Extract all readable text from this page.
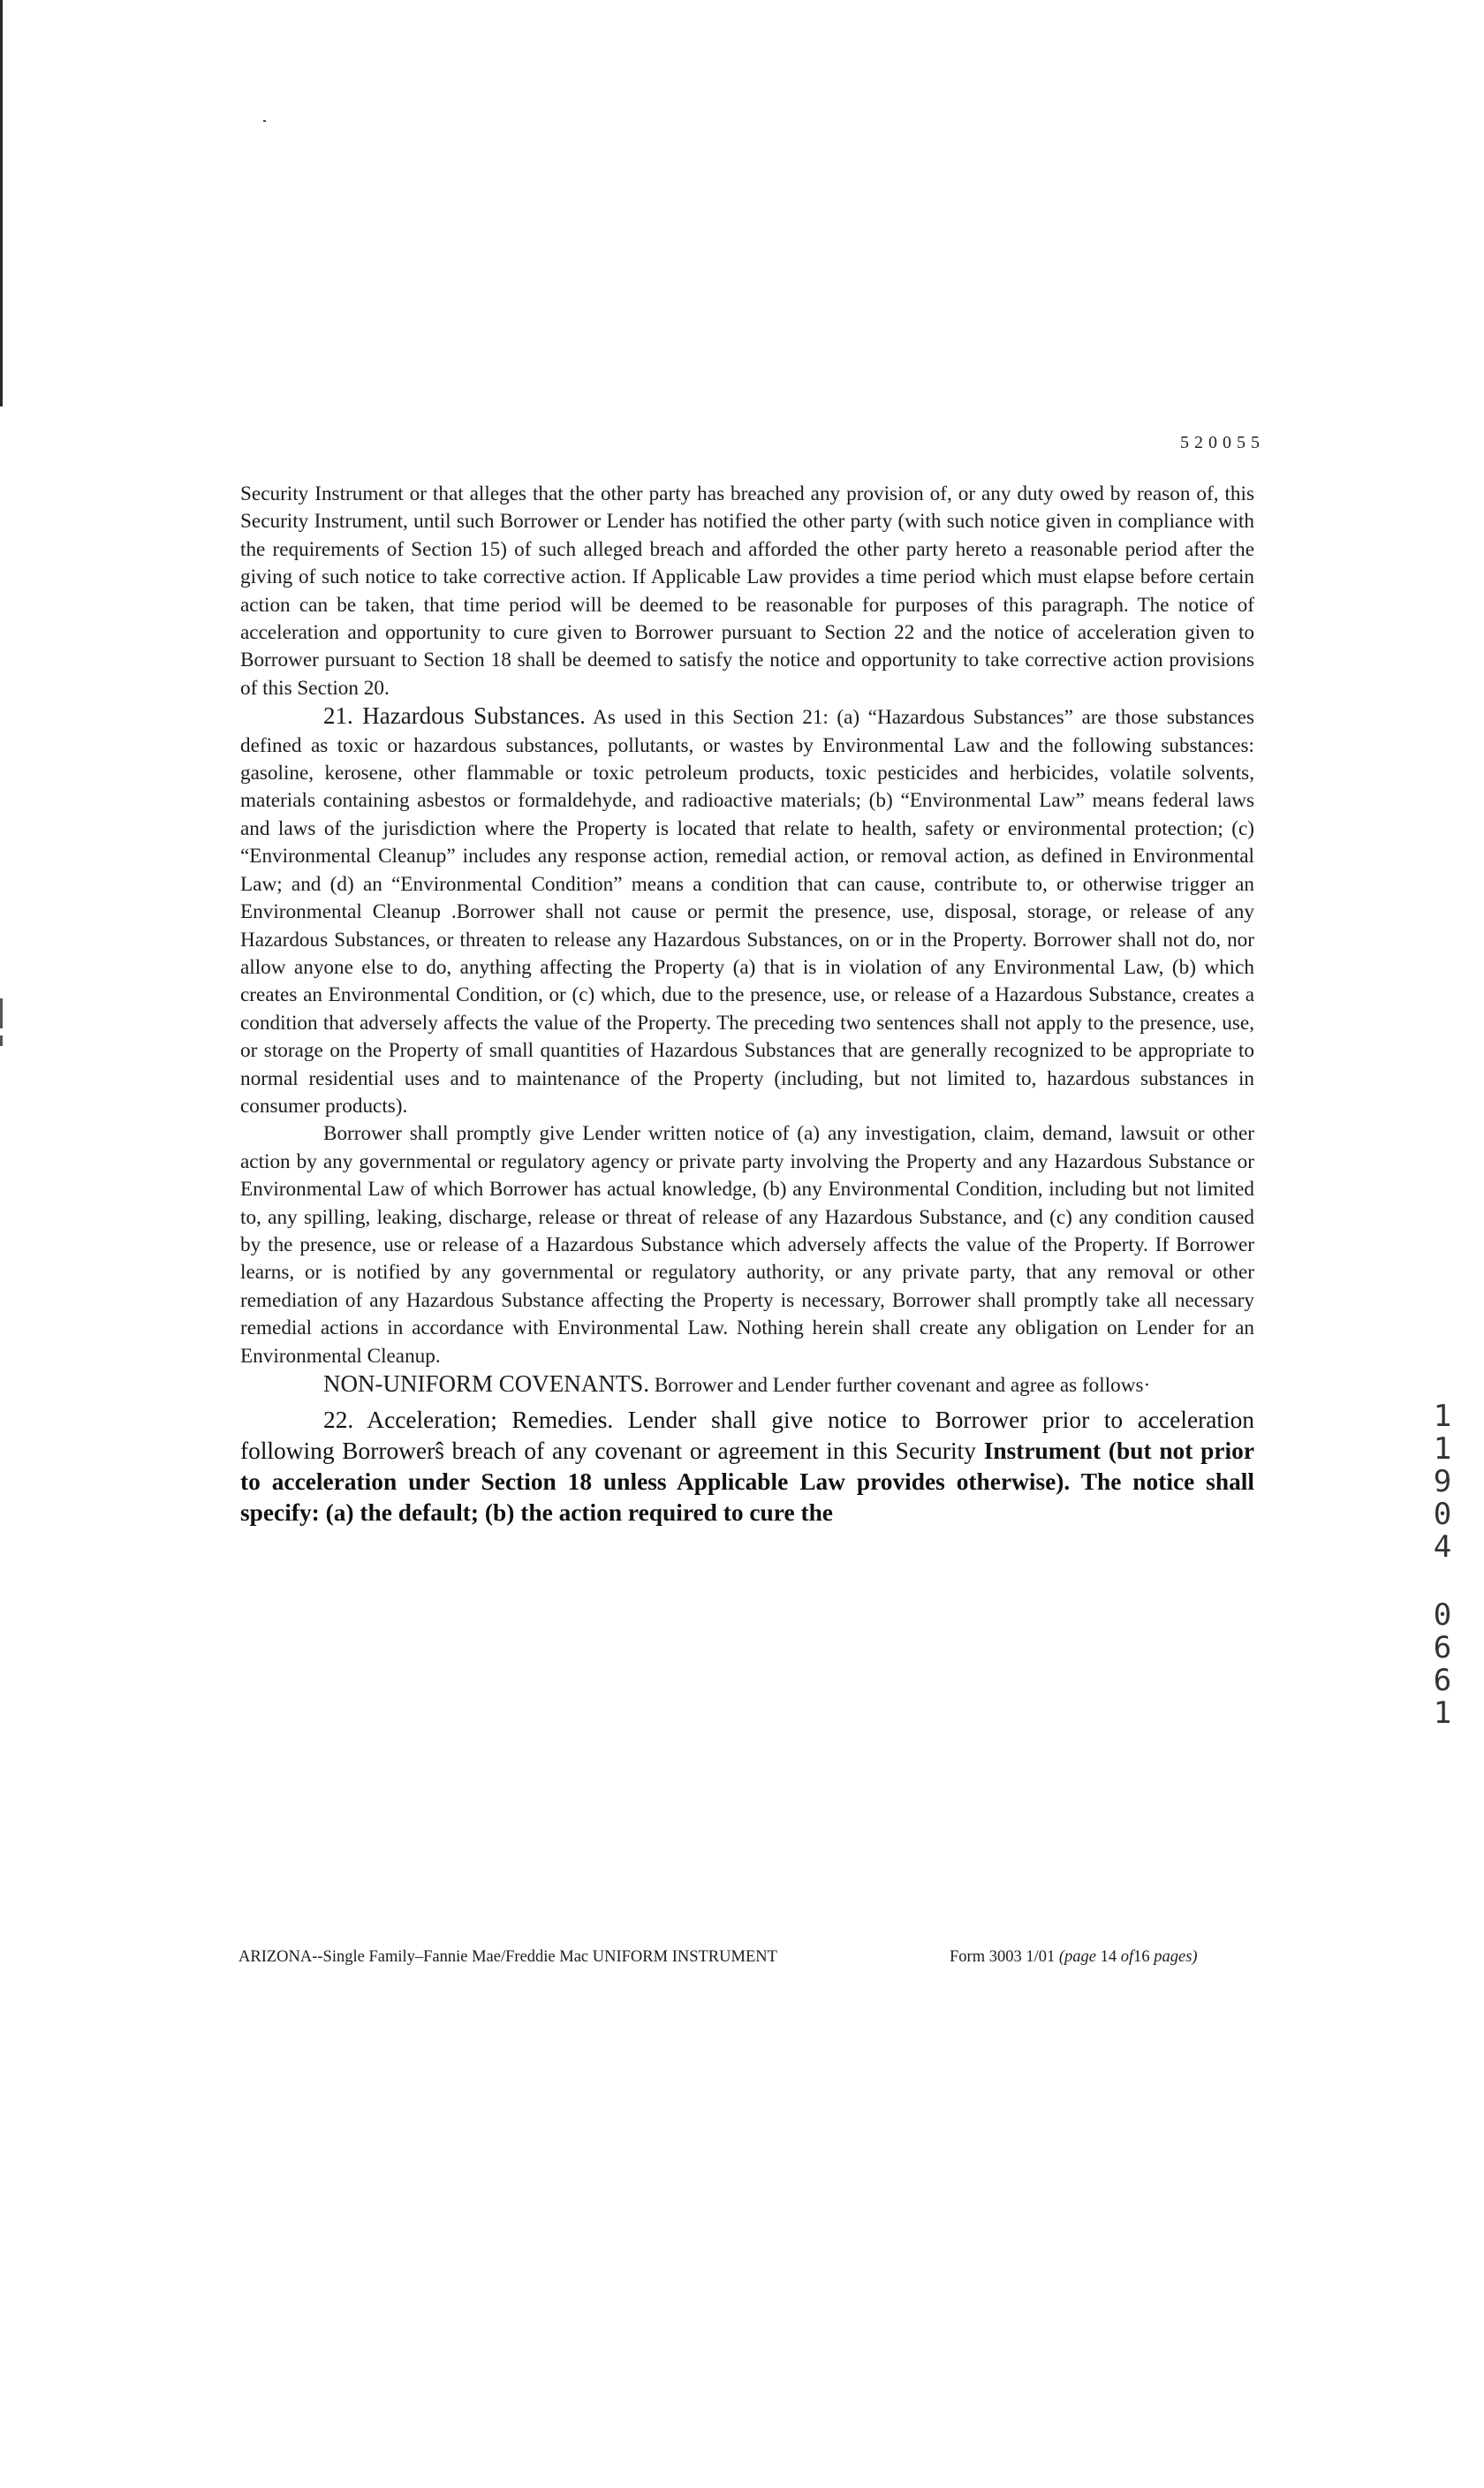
520055

Security Instrument or that alleges that the other party has breached any provision of, or any duty owed by reason of, this Security Instrument, until such Borrower or Lender has notified the other party (with such notice given in compliance with the requirements of Section 15) of such alleged breach and afforded the other party hereto a reasonable period after the giving of such notice to take corrective action. If Applicable Law provides a time period which must elapse before certain action can be taken, that time period will be deemed to be reasonable for purposes of this paragraph. The notice of acceleration and opportunity to cure given to Borrower pursuant to Section 22 and the notice of acceleration given to Borrower pursuant to Section 18 shall be deemed to satisfy the notice and opportunity to take corrective action provisions of this Section 20.

21. Hazardous Substances. As used in this Section 21: (a) “Hazardous Substances” are those substances defined as toxic or hazardous substances, pollutants, or wastes by Environmental Law and the following substances: gasoline, kerosene, other flammable or toxic petroleum products, toxic pesticides and herbicides, volatile solvents, materials containing asbestos or formaldehyde, and radioactive materials; (b) “Environmental Law” means federal laws and laws of the jurisdiction where the Property is located that relate to health, safety or environmental protection; (c) “Environmental Cleanup” includes any response action, remedial action, or removal action, as defined in Environmental Law; and (d) an “Environmental Condition” means a condition that can cause, contribute to, or otherwise trigger an Environmental Cleanup .Borrower shall not cause or permit the presence, use, disposal, storage, or release of any Hazardous Substances, or threaten to release any Hazardous Substances, on or in the Property. Borrower shall not do, nor allow anyone else to do, anything affecting the Property (a) that is in violation of any Environmental Law, (b) which creates an Environmental Condition, or (c) which, due to the presence, use, or release of a Hazardous Substance, creates a condition that adversely affects the value of the Property. The preceding two sentences shall not apply to the presence, use, or storage on the Property of small quantities of Hazardous Substances that are generally recognized to be appropriate to normal residential uses and to maintenance of the Property (including, but not limited to, hazardous substances in consumer products).

Borrower shall promptly give Lender written notice of (a) any investigation, claim, demand, lawsuit or other action by any governmental or regulatory agency or private party involving the Property and any Hazardous Substance or Environmental Law of which Borrower has actual knowledge, (b) any Environmental Condition, including but not limited to, any spilling, leaking, discharge, release or threat of release of any Hazardous Substance, and (c) any condition caused by the presence, use or release of a Hazardous Substance which adversely affects the value of the Property. If Borrower learns, or is notified by any governmental or regulatory authority, or any private party, that any removal or other remediation of any Hazardous Substance affecting the Property is necessary, Borrower shall promptly take all necessary remedial actions in accordance with Environmental Law. Nothing herein shall create any obligation on Lender for an Environmental Cleanup.

NON-UNIFORM COVENANTS. Borrower and Lender further covenant and agree as follows·

22. Acceleration; Remedies. Lender shall give notice to Borrower prior to acceleration following Borrowerŝ breach of any covenant or agreement in this Security Instrument (but not prior to acceleration under Section 18 unless Applicable Law provides otherwise). The notice shall specify: (a) the default; (b) the action required to cure the

1
1
9
0
4
0
6
6
1
ARIZONA--Single Family–Fannie Mae/Freddie Mac UNIFORM INSTRUMENT	Form 3003 1/01 (page 14 of16 pages)
